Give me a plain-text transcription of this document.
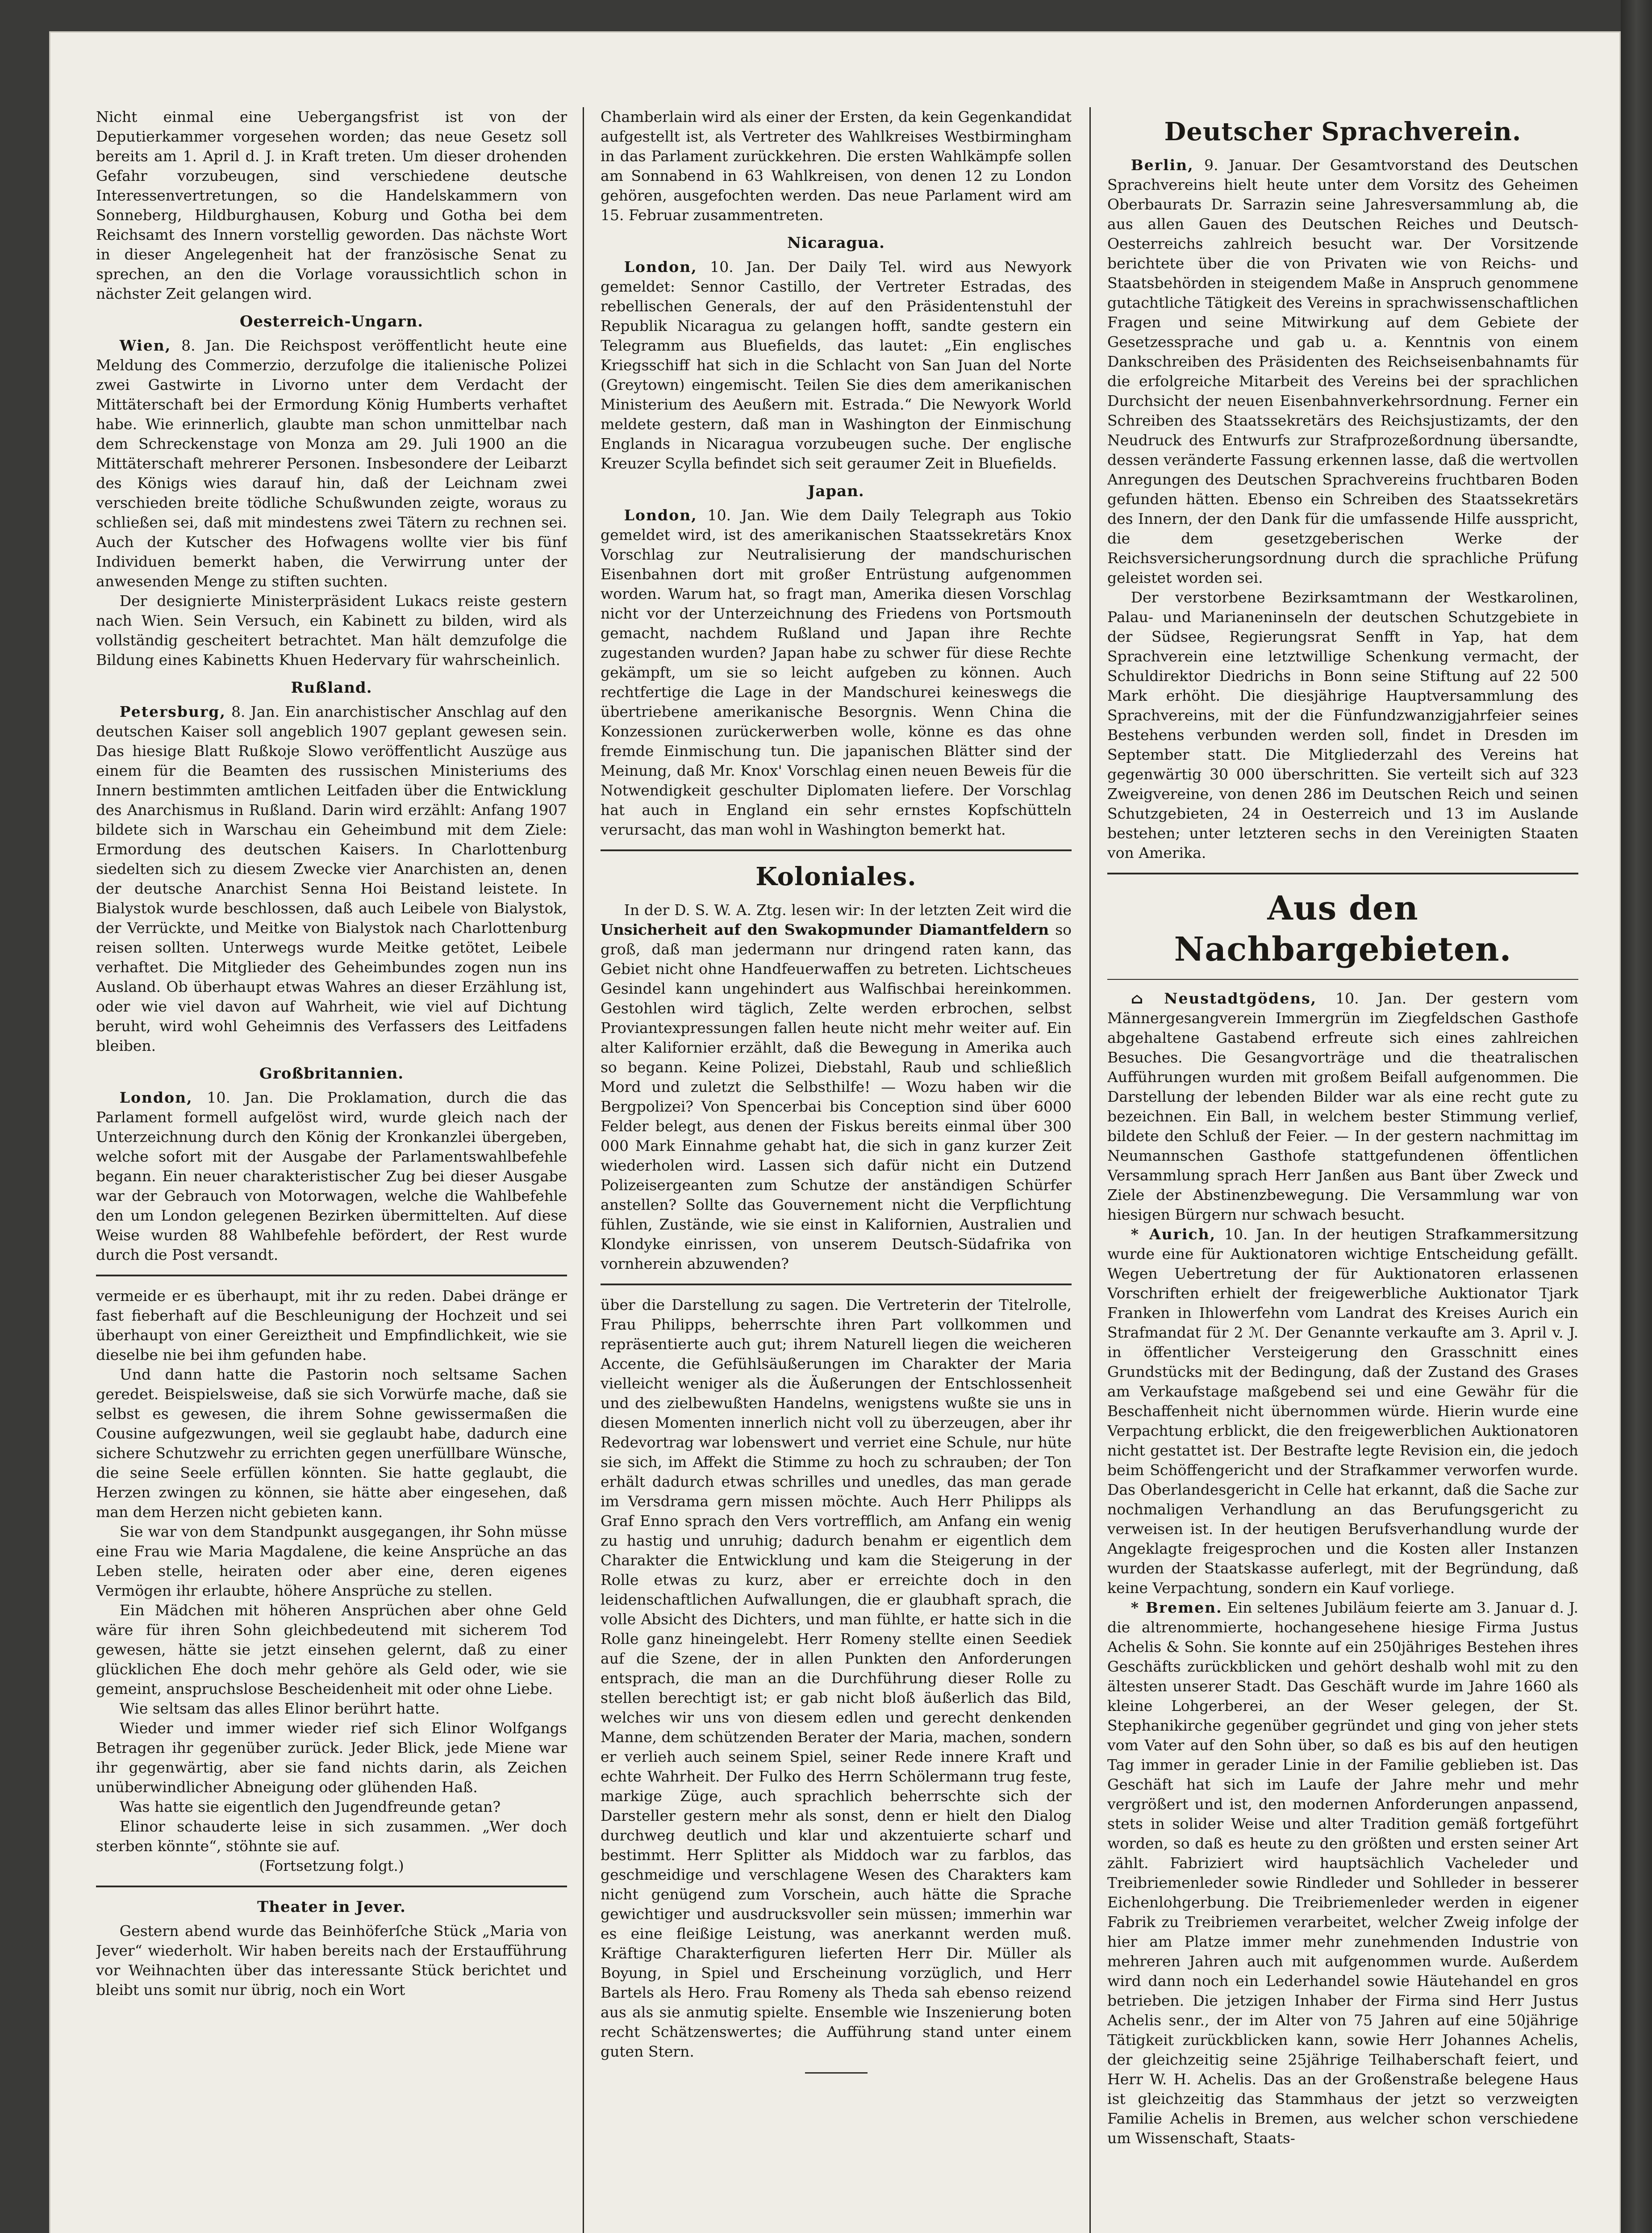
Nicht einmal eine Uebergangsfrist ist von der Deputierkammer vorgesehen worden; das neue Gesetz soll bereits am 1. April d. J. in Kraft treten. Um dieser drohenden Gefahr vorzubeugen, sind verschiedene deutsche Interessenvertretungen, so die Handelskammern von Sonneberg, Hildburghausen, Koburg und Gotha bei dem Reichsamt des Innern vorstellig geworden. Das nächste Wort in dieser Angelegenheit hat der französische Senat zu sprechen, an den die Vorlage voraussichtlich schon in nächster Zeit gelangen wird.

Oesterreich-Ungarn.

Wien, 8. Jan. Die Reichspost veröffentlicht heute eine Meldung des Commerzio, derzufolge die italienische Polizei zwei Gastwirte in Livorno unter dem Verdacht der Mittäterschaft bei der Ermordung König Humberts verhaftet habe. Wie erinnerlich, glaubte man schon unmittelbar nach dem Schreckenstage von Monza am 29. Juli 1900 an die Mittäterschaft mehrerer Personen. Insbesondere der Leibarzt des Königs wies darauf hin, daß der Leichnam zwei verschieden breite tödliche Schußwunden zeigte, woraus zu schließen sei, daß mit mindestens zwei Tätern zu rechnen sei. Auch der Kutscher des Hofwagens wollte vier bis fünf Individuen bemerkt haben, die Verwirrung unter der anwesenden Menge zu stiften suchten.

Der designierte Ministerpräsident Lukacs reiste gestern nach Wien. Sein Versuch, ein Kabinett zu bilden, wird als vollständig gescheitert betrachtet. Man hält demzufolge die Bildung eines Kabinetts Khuen Hedervary für wahrscheinlich.

Rußland.

Petersburg, 8. Jan. Ein anarchistischer Anschlag auf den deutschen Kaiser soll angeblich 1907 geplant gewesen sein. Das hiesige Blatt Rußkoje Slowo veröffentlicht Auszüge aus einem für die Beamten des russischen Ministeriums des Innern bestimmten amtlichen Leitfaden über die Entwicklung des Anarchismus in Rußland. Darin wird erzählt: Anfang 1907 bildete sich in Warschau ein Geheimbund mit dem Ziele: Ermordung des deutschen Kaisers. In Charlottenburg siedelten sich zu diesem Zwecke vier Anarchisten an, denen der deutsche Anarchist Senna Hoi Beistand leistete. In Bialystok wurde beschlossen, daß auch Leibele von Bialystok, der Verrückte, und Meitke von Bialystok nach Charlottenburg reisen sollten. Unterwegs wurde Meitke getötet, Leibele verhaftet. Die Mitglieder des Geheimbundes zogen nun ins Ausland. Ob überhaupt etwas Wahres an dieser Erzählung ist, oder wie viel davon auf Wahrheit, wie viel auf Dichtung beruht, wird wohl Geheimnis des Verfassers des Leitfadens bleiben.

Großbritannien.

London, 10. Jan. Die Proklamation, durch die das Parlament formell aufgelöst wird, wurde gleich nach der Unterzeichnung durch den König der Kronkanzlei übergeben, welche sofort mit der Ausgabe der Parlamentswahlbefehle begann. Ein neuer charakteristischer Zug bei dieser Ausgabe war der Gebrauch von Motorwagen, welche die Wahlbefehle den um London gelegenen Bezirken übermittelten. Auf diese Weise wurden 88 Wahlbefehle befördert, der Rest wurde durch die Post versandt.

vermeide er es überhaupt, mit ihr zu reden. Dabei dränge er fast fieberhaft auf die Beschleunigung der Hochzeit und sei überhaupt von einer Gereiztheit und Empfindlichkeit, wie sie dieselbe nie bei ihm gefunden habe.

Und dann hatte die Pastorin noch seltsame Sachen geredet. Beispielsweise, daß sie sich Vorwürfe mache, daß sie selbst es gewesen, die ihrem Sohne gewissermaßen die Cousine aufgezwungen, weil sie geglaubt habe, dadurch eine sichere Schutzwehr zu errichten gegen unerfüllbare Wünsche, die seine Seele erfüllen könnten. Sie hatte geglaubt, die Herzen zwingen zu können, sie hätte aber eingesehen, daß man dem Herzen nicht gebieten kann.

Sie war von dem Standpunkt ausgegangen, ihr Sohn müsse eine Frau wie Maria Magdalene, die keine Ansprüche an das Leben stelle, heiraten oder aber eine, deren eigenes Vermögen ihr erlaubte, höhere Ansprüche zu stellen.

Ein Mädchen mit höheren Ansprüchen aber ohne Geld wäre für ihren Sohn gleichbedeutend mit sicherem Tod gewesen, hätte sie jetzt einsehen gelernt, daß zu einer glücklichen Ehe doch mehr gehöre als Geld oder, wie sie gemeint, anspruchslose Bescheidenheit mit oder ohne Liebe.

Wie seltsam das alles Elinor berührt hatte.

Wieder und immer wieder rief sich Elinor Wolfgangs Betragen ihr gegenüber zurück. Jeder Blick, jede Miene war ihr gegenwärtig, aber sie fand nichts darin, als Zeichen unüberwindlicher Abneigung oder glühenden Haß.

Was hatte sie eigentlich den Jugendfreunde getan?

Elinor schauderte leise in sich zusammen. „Wer doch sterben könnte“, stöhnte sie auf.

(Fortsetzung folgt.)

Theater in Jever.

Gestern abend wurde das Beinhöferſche Stück „Maria von Jever“ wiederholt. Wir haben bereits nach der Erstaufführung vor Weihnachten über das interessante Stück berichtet und bleibt uns somit nur übrig, noch ein Wort

Chamberlain wird als einer der Ersten, da kein Gegenkandidat aufgestellt ist, als Vertreter des Wahlkreises Westbirmingham in das Parlament zurückkehren. Die ersten Wahlkämpfe sollen am Sonnabend in 63 Wahlkreisen, von denen 12 zu London gehören, ausgefochten werden. Das neue Parlament wird am 15. Februar zusammentreten.

Nicaragua.

London, 10. Jan. Der Daily Tel. wird aus Newyork gemeldet: Sennor Castillo, der Vertreter Estradas, des rebellischen Generals, der auf den Präsidentenstuhl der Republik Nicaragua zu gelangen hofft, sandte gestern ein Telegramm aus Bluefields, das lautet: „Ein englisches Kriegsschiff hat sich in die Schlacht von San Juan del Norte (Greytown) eingemischt. Teilen Sie dies dem amerikanischen Ministerium des Aeußern mit. Estrada.“ Die Newyork World meldete gestern, daß man in Washington der Einmischung Englands in Nicaragua vorzubeugen suche. Der englische Kreuzer Scylla befindet sich seit geraumer Zeit in Bluefields.

Japan.

London, 10. Jan. Wie dem Daily Telegraph aus Tokio gemeldet wird, ist des amerikanischen Staatssekretärs Knox Vorschlag zur Neutralisierung der mandschurischen Eisenbahnen dort mit großer Entrüstung aufgenommen worden. Warum hat, so fragt man, Amerika diesen Vorschlag nicht vor der Unterzeichnung des Friedens von Portsmouth gemacht, nachdem Rußland und Japan ihre Rechte zugestanden wurden? Japan habe zu schwer für diese Rechte gekämpft, um sie so leicht aufgeben zu können. Auch rechtfertige die Lage in der Mandschurei keineswegs die übertriebene amerikanische Besorgnis. Wenn China die Konzessionen zurückerwerben wolle, könne es das ohne fremde Einmischung tun. Die japanischen Blätter sind der Meinung, daß Mr. Knox' Vorschlag einen neuen Beweis für die Notwendigkeit geschulter Diplomaten liefere. Der Vorschlag hat auch in England ein sehr ernstes Kopfschütteln verursacht, das man wohl in Washington bemerkt hat.

Koloniales.

In der D. S. W. A. Ztg. lesen wir: In der letzten Zeit wird die Unsicherheit auf den Swakopmunder Diamantfeldern so groß, daß man jedermann nur dringend raten kann, das Gebiet nicht ohne Handfeuerwaffen zu betreten. Lichtscheues Gesindel kann ungehindert aus Walfischbai hereinkommen. Gestohlen wird täglich, Zelte werden erbrochen, selbst Proviantexpressungen fallen heute nicht mehr weiter auf. Ein alter Kalifornier erzählt, daß die Bewegung in Amerika auch so begann. Keine Polizei, Diebstahl, Raub und schließlich Mord und zuletzt die Selbsthilfe! — Wozu haben wir die Bergpolizei? Von Spencerbai bis Conception sind über 6000 Felder belegt, aus denen der Fiskus bereits einmal über 300 000 Mark Einnahme gehabt hat, die sich in ganz kurzer Zeit wiederholen wird. Lassen sich dafür nicht ein Dutzend Polizeisergeanten zum Schutze der anständigen Schürfer anstellen? Sollte das Gouvernement nicht die Verpflichtung fühlen, Zustände, wie sie einst in Kalifornien, Australien und Klondyke einrissen, von unserem Deutsch-Südafrika von vornherein abzuwenden?

über die Darstellung zu sagen. Die Vertreterin der Titelrolle, Frau Philipps, beherrschte ihren Part vollkommen und repräsentierte auch gut; ihrem Naturell liegen die weicheren Accente, die Gefühlsäußerungen im Charakter der Maria vielleicht weniger als die Äußerungen der Entschlossenheit und des zielbewußten Handelns, wenigstens wußte sie uns in diesen Momenten innerlich nicht voll zu überzeugen, aber ihr Redevortrag war lobenswert und verriet eine Schule, nur hüte sie sich, im Affekt die Stimme zu hoch zu schrauben; der Ton erhält dadurch etwas schrilles und unedles, das man gerade im Versdrama gern missen möchte. Auch Herr Philipps als Graf Enno sprach den Vers vortrefflich, am Anfang ein wenig zu hastig und unruhig; dadurch benahm er eigentlich dem Charakter die Entwicklung und kam die Steigerung in der Rolle etwas zu kurz, aber er erreichte doch in den leidenschaftlichen Aufwallungen, die er glaubhaft sprach, die volle Absicht des Dichters, und man fühlte, er hatte sich in die Rolle ganz hineingelebt. Herr Romeny stellte einen Seediek auf die Szene, der in allen Punkten den Anforderungen entsprach, die man an die Durchführung dieser Rolle zu stellen berechtigt ist; er gab nicht bloß äußerlich das Bild, welches wir uns von diesem edlen und gerecht denkenden Manne, dem schützenden Berater der Maria, machen, sondern er verlieh auch seinem Spiel, seiner Rede innere Kraft und echte Wahrheit. Der Fulko des Herrn Schölermann trug feste, markige Züge, auch sprachlich beherrschte sich der Darsteller gestern mehr als sonst, denn er hielt den Dialog durchweg deutlich und klar und akzentuierte scharf und bestimmt. Herr Splitter als Middoch war zu farblos, das geschmeidige und verschlagene Wesen des Charakters kam nicht genügend zum Vorschein, auch hätte die Sprache gewichtiger und ausdrucksvoller sein müssen; immerhin war es eine fleißige Leistung, was anerkannt werden muß. Kräftige Charakterfiguren lieferten Herr Dir. Müller als Boyung, in Spiel und Erscheinung vorzüglich, und Herr Bartels als Hero. Frau Romeny als Theda sah ebenso reizend aus als sie anmutig spielte. Ensemble wie Inszenierung boten recht Schätzenswertes; die Aufführung stand unter einem guten Stern.

Deutscher Sprachverein.

Berlin, 9. Januar. Der Gesamtvorstand des Deutschen Sprachvereins hielt heute unter dem Vorsitz des Geheimen Oberbaurats Dr. Sarrazin seine Jahresversammlung ab, die aus allen Gauen des Deutschen Reiches und Deutsch-Oesterreichs zahlreich besucht war. Der Vorsitzende berichtete über die von Privaten wie von Reichs- und Staatsbehörden in steigendem Maße in Anspruch genommene gutachtliche Tätigkeit des Vereins in sprachwissenschaftlichen Fragen und seine Mitwirkung auf dem Gebiete der Gesetzessprache und gab u. a. Kenntnis von einem Dankschreiben des Präsidenten des Reichseisenbahnamts für die erfolgreiche Mitarbeit des Vereins bei der sprachlichen Durchsicht der neuen Eisenbahnverkehrsordnung. Ferner ein Schreiben des Staatssekretärs des Reichsjustizamts, der den Neudruck des Entwurfs zur Strafprozeßordnung übersandte, dessen veränderte Fassung erkennen lasse, daß die wertvollen Anregungen des Deutschen Sprachvereins fruchtbaren Boden gefunden hätten. Ebenso ein Schreiben des Staatssekretärs des Innern, der den Dank für die umfassende Hilfe ausspricht, die dem gesetzgeberischen Werke der Reichsversicherungsordnung durch die sprachliche Prüfung geleistet worden sei.

Der verstorbene Bezirksamtmann der Westkarolinen, Palau- und Marianeninseln der deutschen Schutzgebiete in der Südsee, Regierungsrat Senfft in Yap, hat dem Sprachverein eine letztwillige Schenkung vermacht, der Schuldirektor Diedrichs in Bonn seine Stiftung auf 22 500 Mark erhöht. Die diesjährige Hauptversammlung des Sprachvereins, mit der die Fünfundzwanzigjahrfeier seines Bestehens verbunden werden soll, findet in Dresden im September statt. Die Mitgliederzahl des Vereins hat gegenwärtig 30 000 überschritten. Sie verteilt sich auf 323 Zweigvereine, von denen 286 im Deutschen Reich und seinen Schutzgebieten, 24 in Oesterreich und 13 im Auslande bestehen; unter letzteren sechs in den Vereinigten Staaten von Amerika.

Aus den Nachbargebieten.

⌂ Neustadtgödens, 10. Jan. Der gestern vom Männergesangverein Immergrün im Ziegfeldschen Gasthofe abgehaltene Gastabend erfreute sich eines zahlreichen Besuches. Die Gesangvorträge und die theatralischen Aufführungen wurden mit großem Beifall aufgenommen. Die Darstellung der lebenden Bilder war als eine recht gute zu bezeichnen. Ein Ball, in welchem bester Stimmung verlief, bildete den Schluß der Feier. — In der gestern nachmittag im Neumannschen Gasthofe stattgefundenen öffentlichen Versammlung sprach Herr Janßen aus Bant über Zweck und Ziele der Abstinenzbewegung. Die Versammlung war von hiesigen Bürgern nur schwach besucht.

* Aurich, 10. Jan. In der heutigen Strafkammersitzung wurde eine für Auktionatoren wichtige Entscheidung gefällt. Wegen Uebertretung der für Auktionatoren erlassenen Vorschriften erhielt der freigewerbliche Auktionator Tjark Franken in Ihlowerfehn vom Landrat des Kreises Aurich ein Strafmandat für 2 ℳ. Der Genannte verkaufte am 3. April v. J. in öffentlicher Versteigerung den Grasschnitt eines Grundstücks mit der Bedingung, daß der Zustand des Grases am Verkaufstage maßgebend sei und eine Gewähr für die Beschaffenheit nicht übernommen würde. Hierin wurde eine Verpachtung erblickt, die den freigewerblichen Auktionatoren nicht gestattet ist. Der Bestrafte legte Revision ein, die jedoch beim Schöffengericht und der Strafkammer verworfen wurde. Das Oberlandesgericht in Celle hat erkannt, daß die Sache zur nochmaligen Verhandlung an das Berufungsgericht zu verweisen ist. In der heutigen Berufsverhandlung wurde der Angeklagte freigesprochen und die Kosten aller Instanzen wurden der Staatskasse auferlegt, mit der Begründung, daß keine Verpachtung, sondern ein Kauf vorliege.

* Bremen. Ein seltenes Jubiläum feierte am 3. Januar d. J. die altrenommierte, hochangesehene hiesige Firma Justus Achelis & Sohn. Sie konnte auf ein 250jähriges Bestehen ihres Geschäfts zurückblicken und gehört deshalb wohl mit zu den ältesten unserer Stadt. Das Geschäft wurde im Jahre 1660 als kleine Lohgerberei, an der Weser gelegen, der St. Stephanikirche gegenüber gegründet und ging von jeher stets vom Vater auf den Sohn über, so daß es bis auf den heutigen Tag immer in gerader Linie in der Familie geblieben ist. Das Geschäft hat sich im Laufe der Jahre mehr und mehr vergrößert und ist, den modernen Anforderungen anpassend, stets in solider Weise und alter Tradition gemäß fortgeführt worden, so daß es heute zu den größten und ersten seiner Art zählt. Fabriziert wird hauptsächlich Vacheleder und Treibriemenleder sowie Rindleder und Sohlleder in besserer Eichenlohgerbung. Die Treibriemenleder werden in eigener Fabrik zu Treibriemen verarbeitet, welcher Zweig infolge der hier am Platze immer mehr zunehmenden Industrie von mehreren Jahren auch mit aufgenommen wurde. Außerdem wird dann noch ein Lederhandel sowie Häutehandel en gros betrieben. Die jetzigen Inhaber der Firma sind Herr Justus Achelis senr., der im Alter von 75 Jahren auf eine 50jährige Tätigkeit zurückblicken kann, sowie Herr Johannes Achelis, der gleichzeitig seine 25jährige Teilhaberschaft feiert, und Herr W. H. Achelis. Das an der Großenstraße belegene Haus ist gleichzeitig das Stammhaus der jetzt so verzweigten Familie Achelis in Bremen, aus welcher schon verschiedene um Wissenschaft, Staats-
